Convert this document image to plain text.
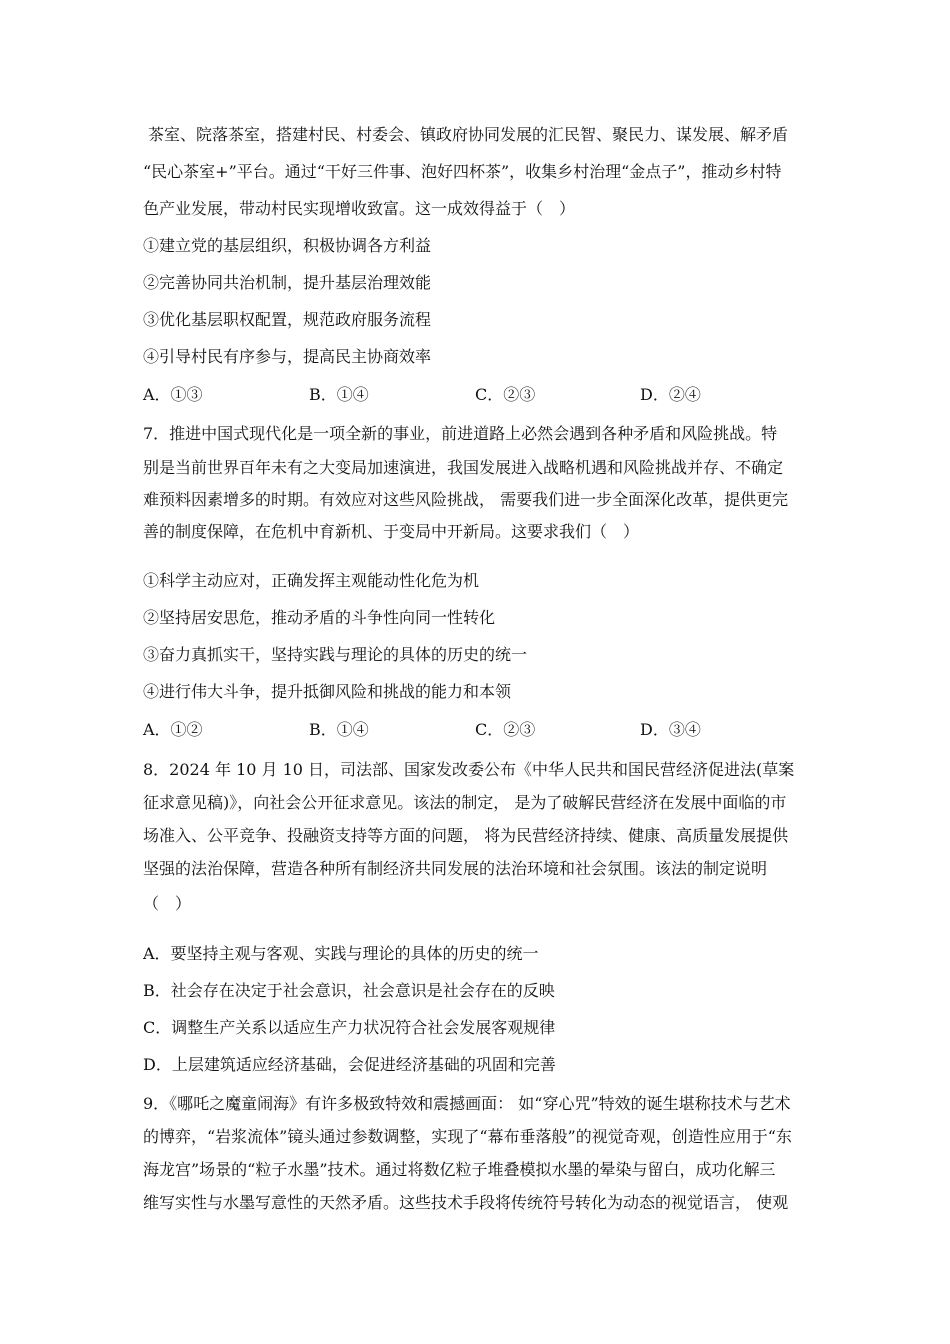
茶室、院落茶室，搭建村民、村委会、镇政府协同发展的汇民智、聚民力、谋发展、解矛盾
“民心茶室+”平台。通过“干好三件事、泡好四杯茶”，收集乡村治理“金点子”，推动乡村特
色产业发展，带动村民实现增收致富。这一成效得益于（　）
①建立党的基层组织，积极协调各方利益
②完善协同共治机制，提升基层治理效能
③优化基层职权配置，规范政府服务流程
④引导村民有序参与，提高民主协商效率
A．①③	B．①④	C．②③	D．②④
7．推进中国式现代化是一项全新的事业，前进道路上必然会遇到各种矛盾和风险挑战。特
别是当前世界百年未有之大变局加速演进，我国发展进入战略机遇和风险挑战并存、不确定
难预料因素增多的时期。有效应对这些风险挑战， 需要我们进一步全面深化改革，提供更完
善的制度保障，在危机中育新机、于变局中开新局。这要求我们（　）
①科学主动应对，正确发挥主观能动性化危为机
②坚持居安思危，推动矛盾的斗争性向同一性转化
③奋力真抓实干，坚持实践与理论的具体的历史的统一
④进行伟大斗争，提升抵御风险和挑战的能力和本领
A．①②	B．①④	C．②③	D．③④
8．2024 年 10 月 10 日，司法部、国家发改委公布《中华人民共和国民营经济促进法(草案
征求意见稿)》，向社会公开征求意见。该法的制定， 是为了破解民营经济在发展中面临的市
场准入、公平竞争、投融资支持等方面的问题， 将为民营经济持续、健康、高质量发展提供
坚强的法治保障，营造各种所有制经济共同发展的法治环境和社会氛围。该法的制定说明
（　）
A．要坚持主观与客观、实践与理论的具体的历史的统一
B．社会存在决定于社会意识，社会意识是社会存在的反映
C．调整生产关系以适应生产力状况符合社会发展客观规律
D．上层建筑适应经济基础，会促进经济基础的巩固和完善
9．《哪吒之魔童闹海》有许多极致特效和震撼画面： 如“穿心咒”特效的诞生堪称技术与艺术
的博弈，“岩浆流体”镜头通过参数调整，实现了“幕布垂落般”的视觉奇观，创造性应用于“东
海龙宫”场景的“粒子水墨”技术。通过将数亿粒子堆叠模拟水墨的晕染与留白，成功化解三
维写实性与水墨写意性的天然矛盾。这些技术手段将传统符号转化为动态的视觉语言， 使观
